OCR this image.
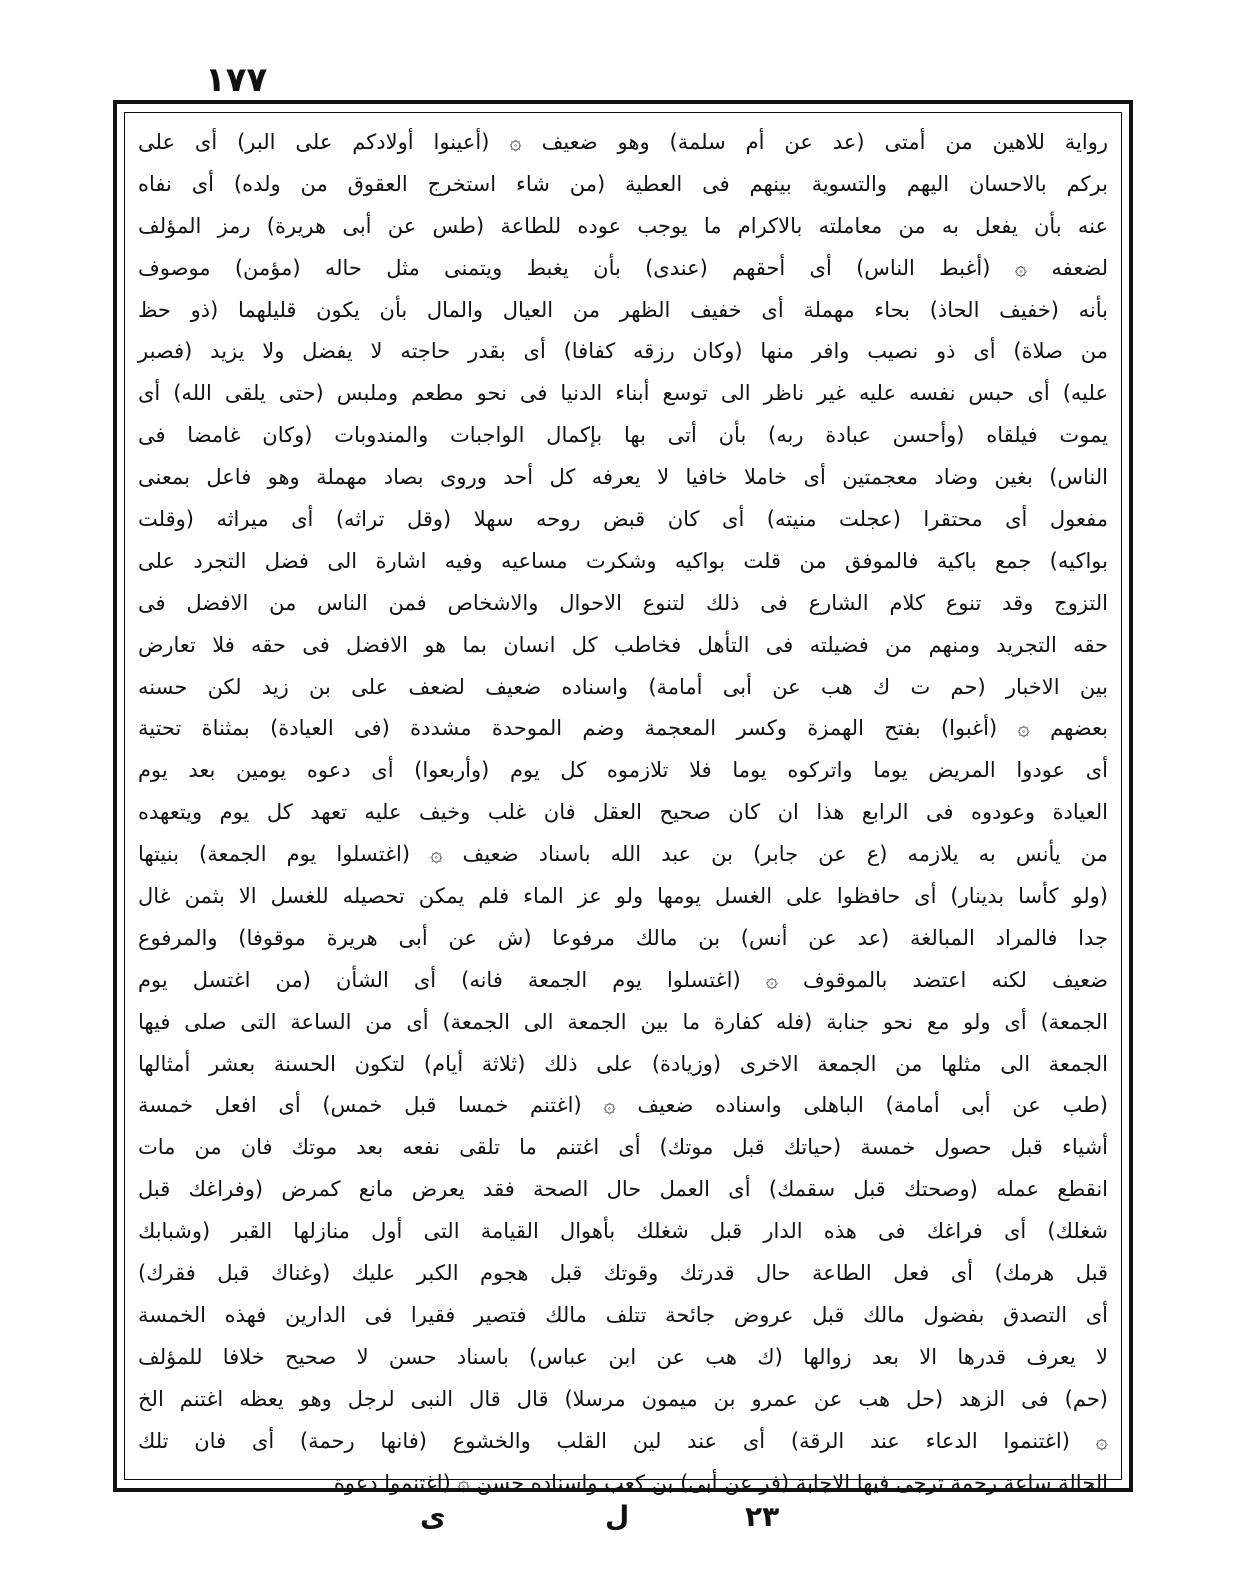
١٧٧
رواية للاهين من أمتى (عد عن أم سلمة) وهو ضعيف ۞ (أعينوا أولادكم على البر) أى على
بركم بالاحسان اليهم والتسوية بينهم فى العطية (من شاء استخرج العقوق من ولده) أى نفاه
عنه بأن يفعل به من معاملته بالاكرام ما يوجب عوده للطاعة (طس عن أبى هريرة) رمز المؤلف
لضعفه ۞ (أغبط الناس) أى أحقهم (عندى) بأن يغبط ويتمنى مثل حاله (مؤمن) موصوف
بأنه (خفيف الحاذ) بحاء مهملة أى خفيف الظهر من العيال والمال بأن يكون قليلهما (ذو حظ
من صلاة) أى ذو نصيب وافر منها (وكان رزقه كفافا) أى بقدر حاجته لا يفضل ولا يزيد (فصبر
عليه) أى حبس نفسه عليه غير ناظر الى توسع أبناء الدنيا فى نحو مطعم وملبس (حتى يلقى الله) أى
يموت فيلقاه (وأحسن عبادة ربه) بأن أتى بها بإكمال الواجبات والمندوبات (وكان غامضا فى
الناس) بغين وضاد معجمتين أى خاملا خافيا لا يعرفه كل أحد وروى بصاد مهملة وهو فاعل بمعنى
مفعول أى محتقرا (عجلت منيته) أى كان قبض روحه سهلا (وقل تراثه) أى ميراثه (وقلت
بواكيه) جمع باكية فالموفق من قلت بواكيه وشكرت مساعيه وفيه اشارة الى فضل التجرد على
التزوج وقد تنوع كلام الشارع فى ذلك لتنوع الاحوال والاشخاص فمن الناس من الافضل فى
حقه التجريد ومنهم من فضيلته فى التأهل فخاطب كل انسان بما هو الافضل فى حقه فلا تعارض
بين الاخبار (حم ت ك هب عن أبى أمامة) واسناده ضعيف لضعف على بن زيد لكن حسنه
بعضهم ۞ (أغبوا) بفتح الهمزة وكسر المعجمة وضم الموحدة مشددة (فى العيادة) بمثناة تحتية
أى عودوا المريض يوما واتركوه يوما فلا تلازموه كل يوم (وأربعوا) أى دعوه يومين بعد يوم
العيادة وعودوه فى الرابع هذا ان كان صحيح العقل فان غلب وخيف عليه تعهد كل يوم ويتعهده
من يأنس به يلازمه (ع عن جابر) بن عبد الله باسناد ضعيف ۞ (اغتسلوا يوم الجمعة) بنيتها
(ولو كأسا بدينار) أى حافظوا على الغسل يومها ولو عز الماء فلم يمكن تحصيله للغسل الا بثمن غال
جدا فالمراد المبالغة (عد عن أنس) بن مالك مرفوعا (ش عن أبى هريرة موقوفا) والمرفوع
ضعيف لكنه اعتضد بالموقوف ۞ (اغتسلوا يوم الجمعة فانه) أى الشأن (من اغتسل يوم
الجمعة) أى ولو مع نحو جنابة (فله كفارة ما بين الجمعة الى الجمعة) أى من الساعة التى صلى فيها
الجمعة الى مثلها من الجمعة الاخرى (وزيادة) على ذلك (ثلاثة أيام) لتكون الحسنة بعشر أمثالها
(طب عن أبى أمامة) الباهلى واسناده ضعيف ۞ (اغتنم خمسا قبل خمس) أى افعل خمسة
أشياء قبل حصول خمسة (حياتك قبل موتك) أى اغتنم ما تلقى نفعه بعد موتك فان من مات
انقطع عمله (وصحتك قبل سقمك) أى العمل حال الصحة فقد يعرض مانع كمرض (وفراغك قبل
شغلك) أى فراغك فى هذه الدار قبل شغلك بأهوال القيامة التى أول منازلها القبر (وشبابك
قبل هرمك) أى فعل الطاعة حال قدرتك وقوتك قبل هجوم الكبر عليك (وغناك قبل فقرك)
أى التصدق بفضول مالك قبل عروض جائحة تتلف مالك فتصير فقيرا فى الدارين فهذه الخمسة
لا يعرف قدرها الا بعد زوالها (ك هب عن ابن عباس) باسناد حسن لا صحيح خلافا للمؤلف
(حم) فى الزهد (حل هب عن عمرو بن ميمون مرسلا) قال قال النبى لرجل وهو يعظه اغتنم الخ
۞ (اغتنموا الدعاء عند الرقة) أى عند لين القلب والخشوع (فانها رحمة) أى فان تلك
الحالة ساعة رحمة ترجى فيها الاجابة (فر عن أبى) بن كعب واسناده حسن ۞ (اغتنموا دعوة
٢٣
ل
ى
